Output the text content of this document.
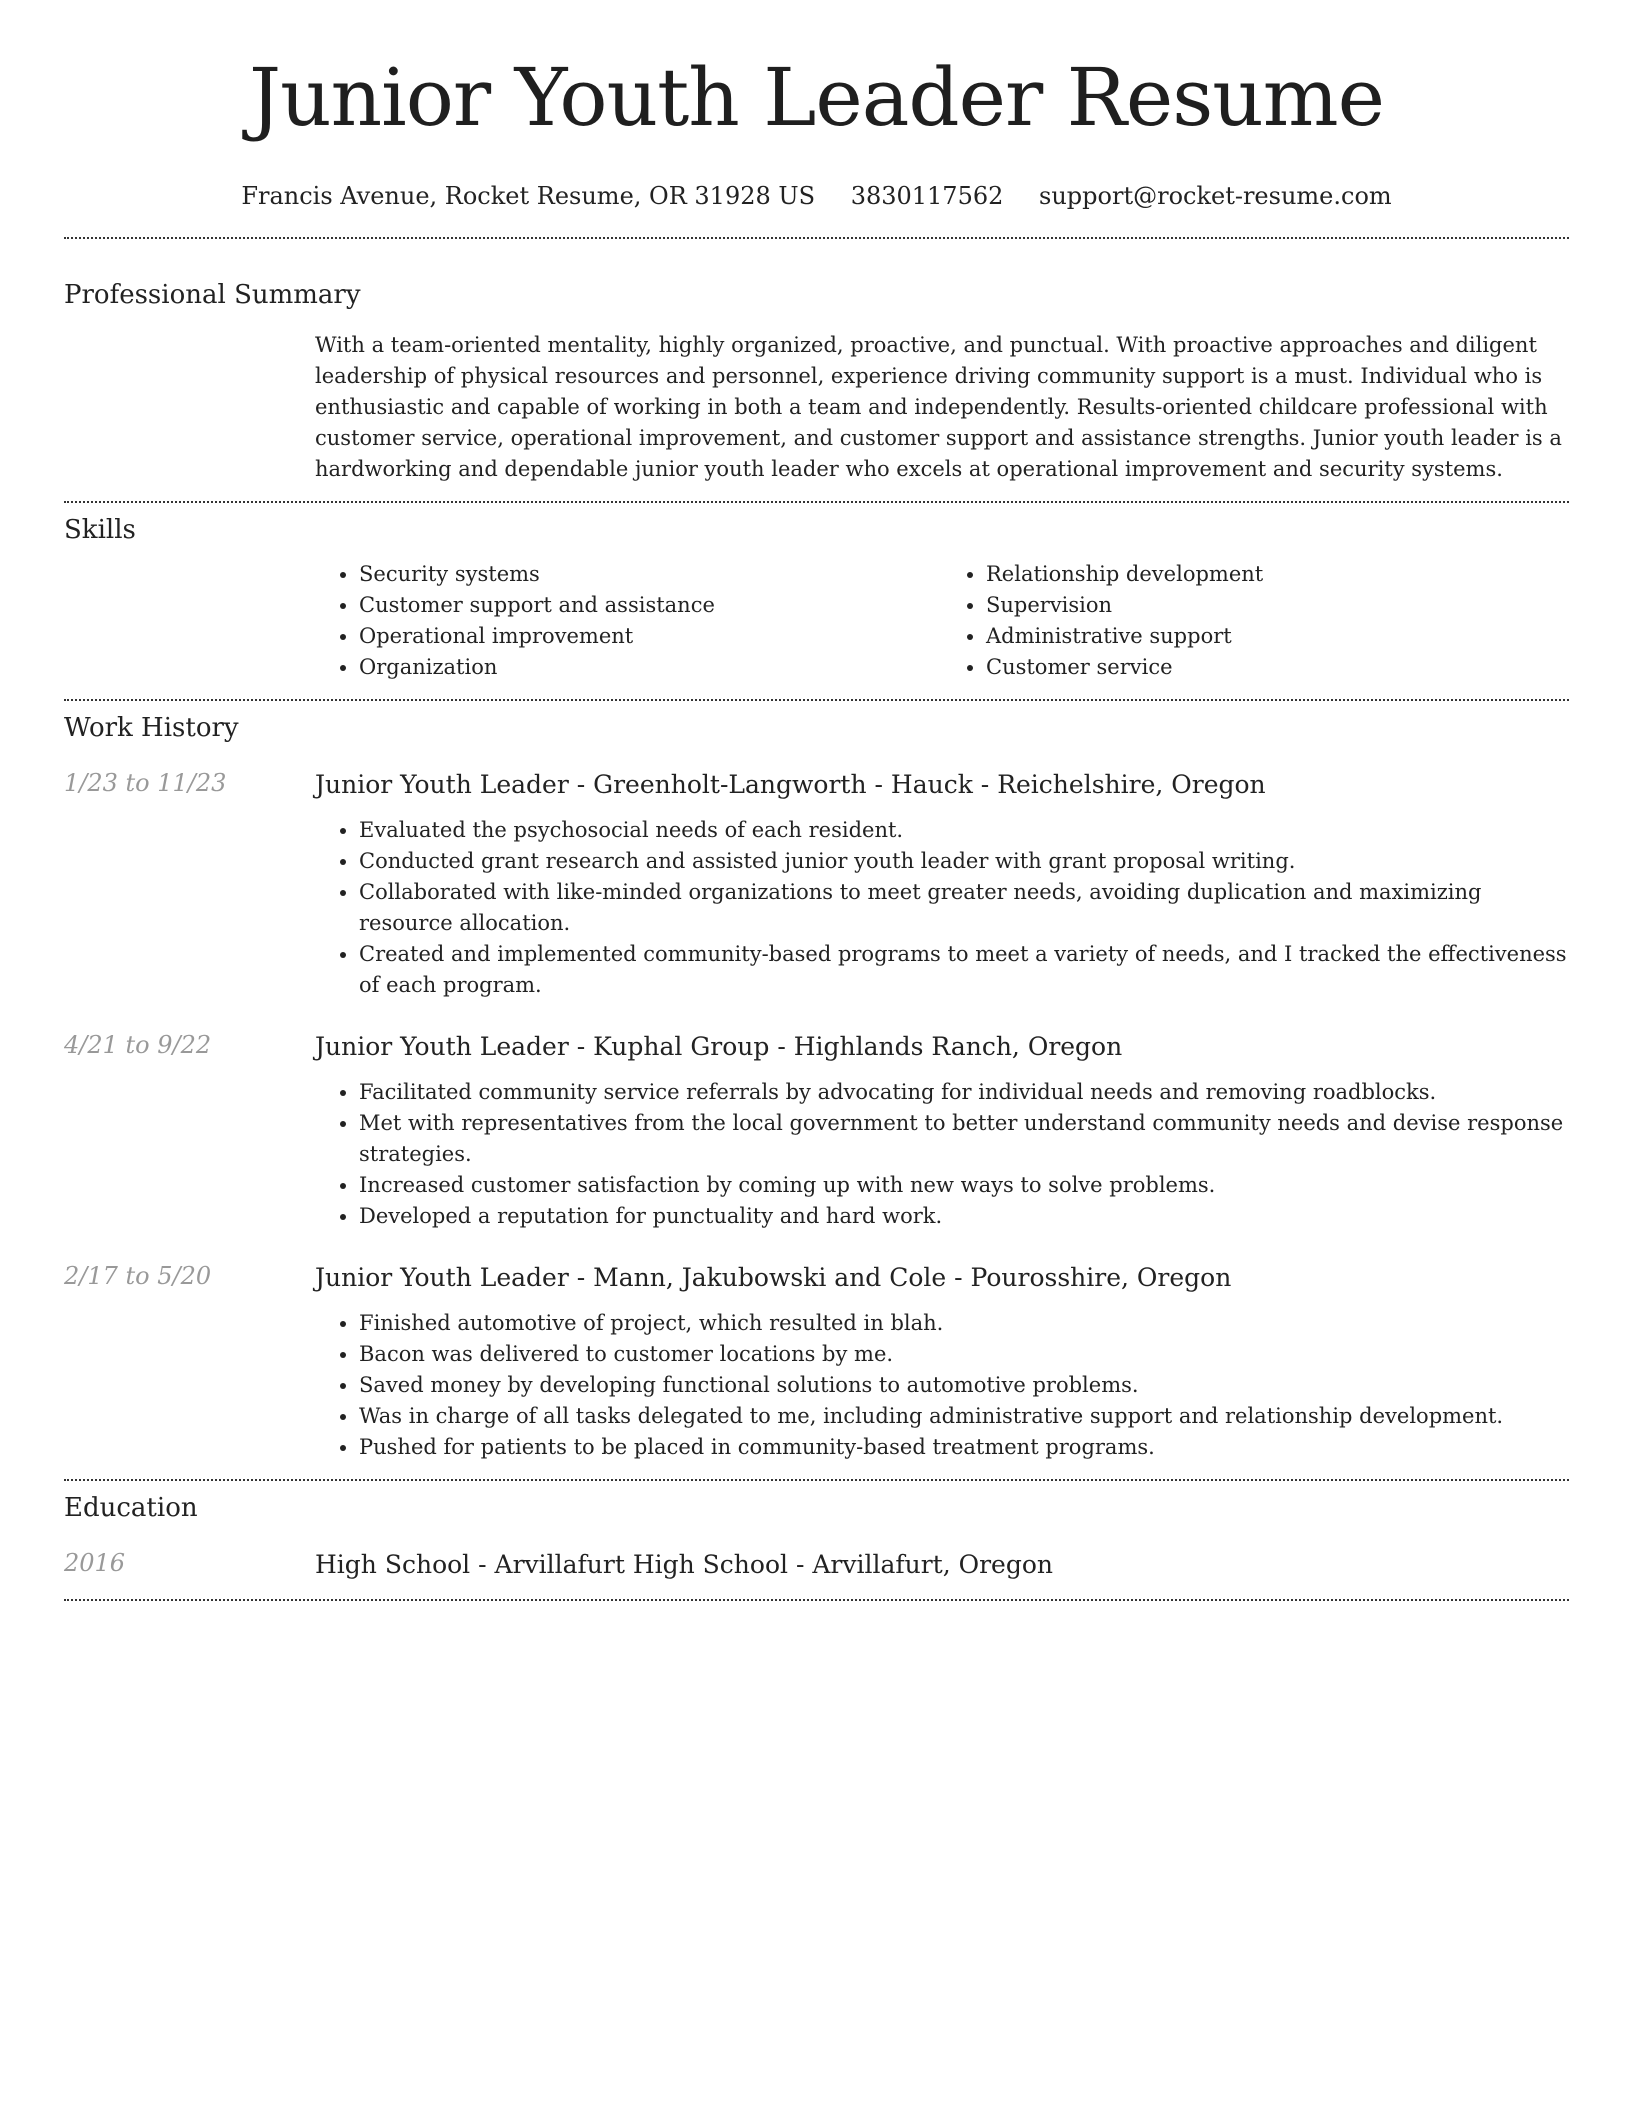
Junior Youth Leader Resume
Francis Avenue, Rocket Resume, OR 31928 US 3830117562 support@rocket-resume.com
Professional Summary

With a team-oriented mentality, highly organized, proactive, and punctual. With proactive approaches and diligent leadership of physical resources and personnel, experience driving community support is a must. Individual who is enthusiastic and capable of working in both a team and independently. Results-oriented childcare professional with customer service, operational improvement, and customer support and assistance strengths. Junior youth leader is a hardworking and dependable junior youth leader who excels at operational improvement and security systems.

Skills
• Security systems
• Customer support and assistance
• Operational improvement
• Organization
• Relationship development
• Supervision
• Administrative support
• Customer service
Work History
1/23 to 11/23	Junior Youth Leader - Greenholt-Langworth - Hauck - Reichelshire, Oregon
• Evaluated the psychosocial needs of each resident.
• Conducted grant research and assisted junior youth leader with grant proposal writing.
• Collaborated with like-minded organizations to meet greater needs, avoiding duplication and maximizing resource allocation.
• Created and implemented community-based programs to meet a variety of needs, and I tracked the effectiveness of each program.
4/21 to 9/22	Junior Youth Leader - Kuphal Group - Highlands Ranch, Oregon
• Facilitated community service referrals by advocating for individual needs and removing roadblocks.
• Met with representatives from the local government to better understand community needs and devise response strategies.
• Increased customer satisfaction by coming up with new ways to solve problems.
• Developed a reputation for punctuality and hard work.
2/17 to 5/20	Junior Youth Leader - Mann, Jakubowski and Cole - Pourosshire, Oregon
• Finished automotive of project, which resulted in blah.
• Bacon was delivered to customer locations by me.
• Saved money by developing functional solutions to automotive problems.
• Was in charge of all tasks delegated to me, including administrative support and relationship development.
• Pushed for patients to be placed in community-based treatment programs.
Education
2016	High School - Arvillafurt High School - Arvillafurt, Oregon
